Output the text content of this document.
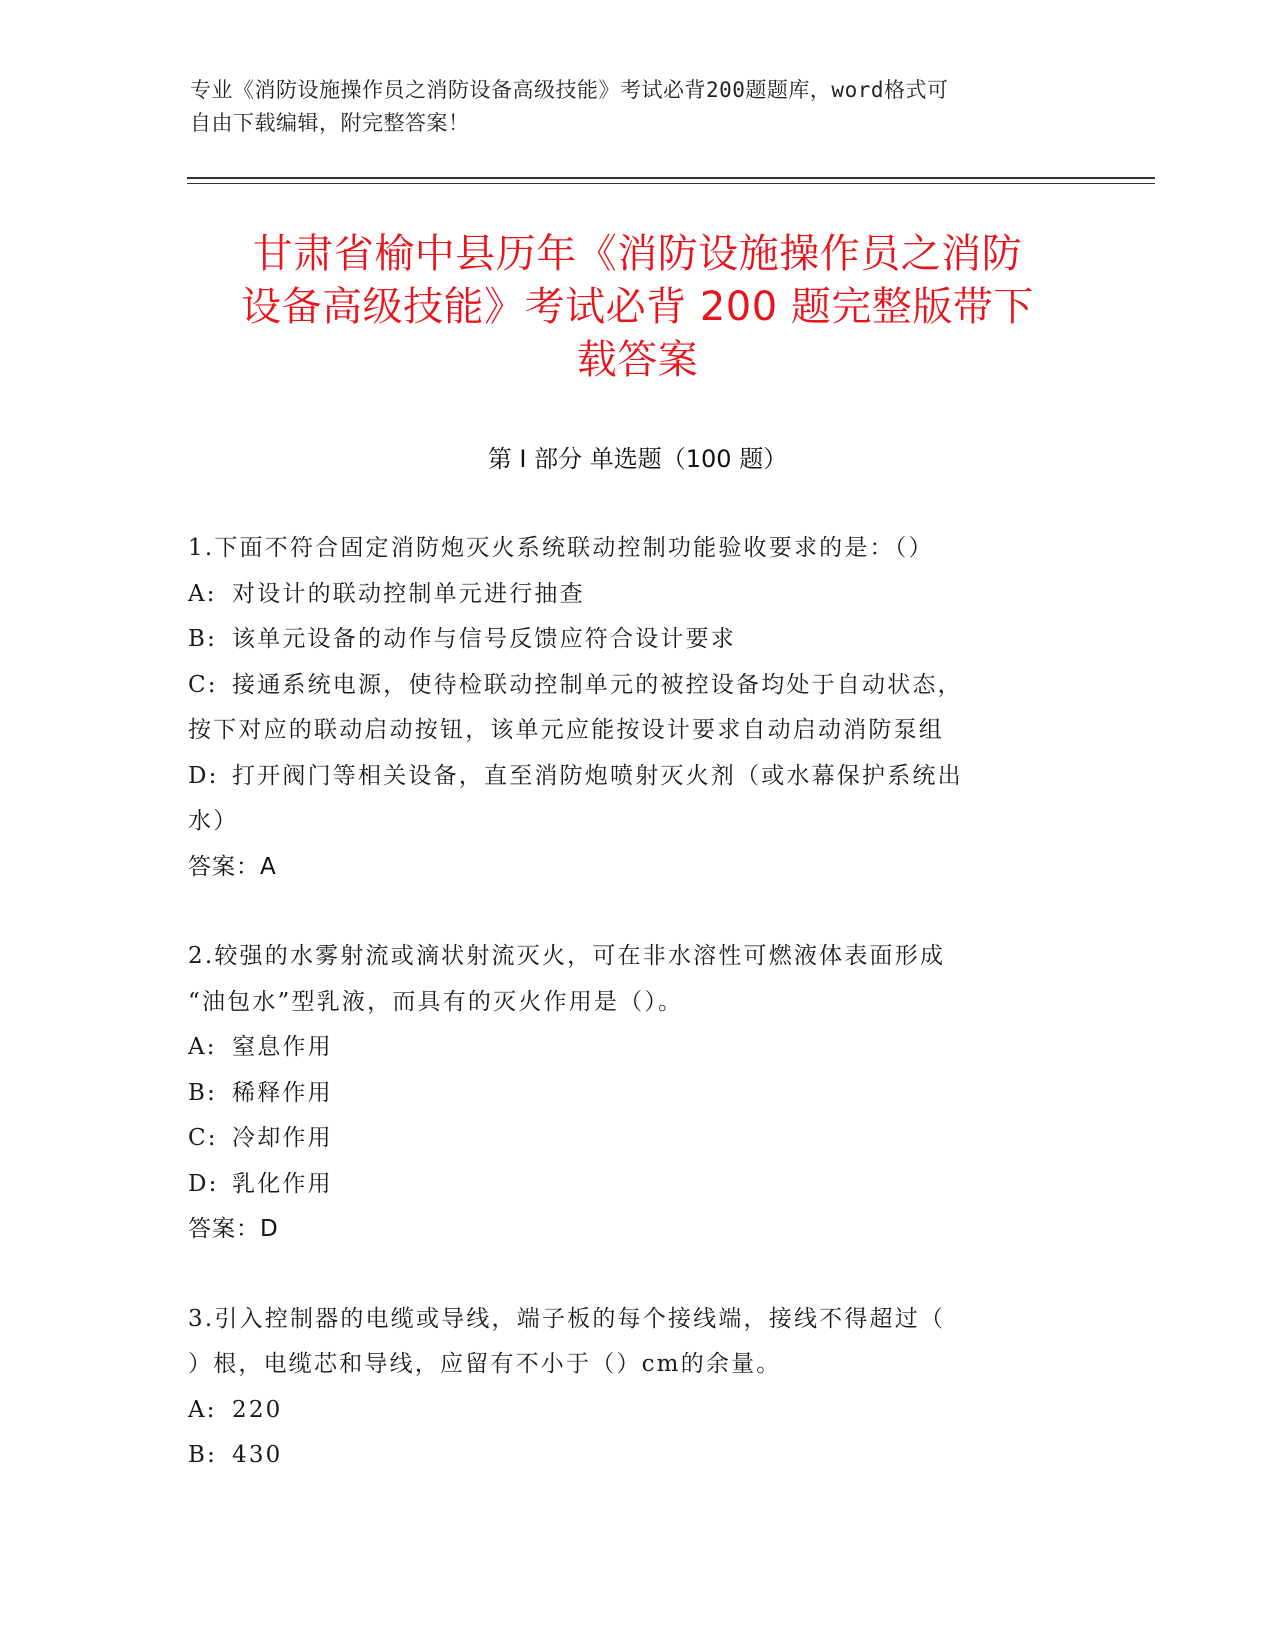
专业《消防设施操作员之消防设备高级技能》考试必背200题题库，word格式可
自由下载编辑，附完整答案！
甘肃省榆中县历年《消防设施操作员之消防
设备高级技能》考试必背 200 题完整版带下
载答案
第 I 部分 单选题（100 题）
1.下面不符合固定消防炮灭火系统联动控制功能验收要求的是：（）
A: 对设计的联动控制单元进行抽查
B: 该单元设备的动作与信号反馈应符合设计要求
C: 接通系统电源，使待检联动控制单元的被控设备均处于自动状态，
按下对应的联动启动按钮，该单元应能按设计要求自动启动消防泵组
D: 打开阀门等相关设备，直至消防炮喷射灭火剂（或水幕保护系统出
水）
答案：A
2.较强的水雾射流或滴状射流灭火，可在非水溶性可燃液体表面形成
“油包水”型乳液，而具有的灭火作用是（）。
A: 窒息作用
B: 稀释作用
C: 冷却作用
D: 乳化作用
答案：D
3.引入控制器的电缆或导线，端子板的每个接线端，接线不得超过（
）根，电缆芯和导线，应留有不小于（）cm的余量。
A: 220
B: 430
